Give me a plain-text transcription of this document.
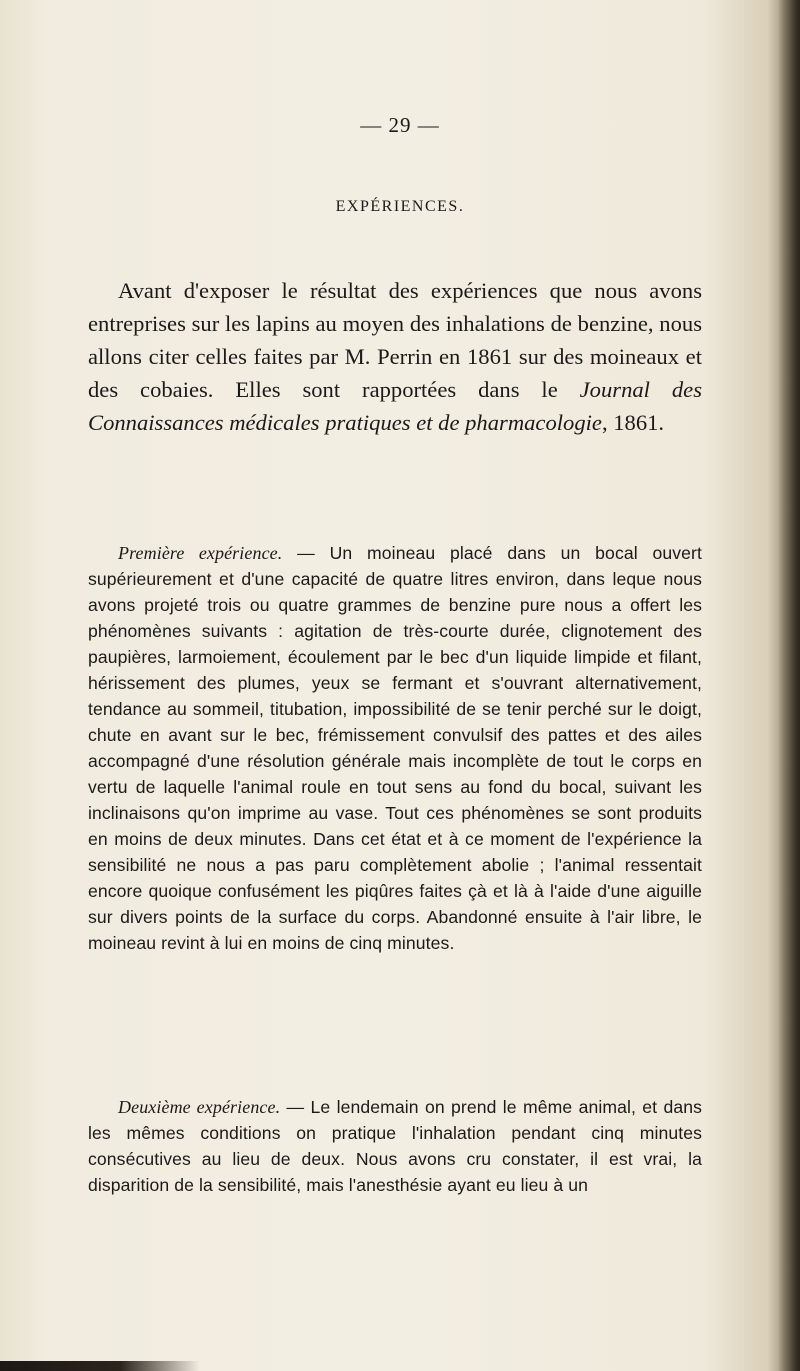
— 29 —
EXPÉRIENCES.

Avant d'exposer le résultat des expériences que nous avons entreprises sur les lapins au moyen des inhalations de benzine, nous allons citer celles faites par M. Perrin en 1861 sur des moineaux et des cobaies. Elles sont rapportées dans le Journal des Connaissances médicales pratiques et de pharmacologie, 1861.

Première expérience. — Un moineau placé dans un bocal ouvert supérieurement et d'une capacité de quatre litres environ, dans leque nous avons projeté trois ou quatre grammes de benzine pure nous a offert les phénomènes suivants : agitation de très-courte durée, clignotement des paupières, larmoiement, écoulement par le bec d'un liquide limpide et filant, hérissement des plumes, yeux se fermant et s'ouvrant alternativement, tendance au sommeil, titubation, impossibilité de se tenir perché sur le doigt, chute en avant sur le bec, frémissement convulsif des pattes et des ailes accompagné d'une résolution générale mais incomplète de tout le corps en vertu de laquelle l'animal roule en tout sens au fond du bocal, suivant les inclinaisons qu'on imprime au vase. Tout ces phénomènes se sont produits en moins de deux minutes. Dans cet état et à ce moment de l'expérience la sensibilité ne nous a pas paru complètement abolie ; l'animal ressentait encore quoique confusément les piqûres faites çà et là à l'aide d'une aiguille sur divers points de la surface du corps. Abandonné ensuite à l'air libre, le moineau revint à lui en moins de cinq minutes.

Deuxième expérience. — Le lendemain on prend le même animal, et dans les mêmes conditions on pratique l'inhalation pendant cinq minutes consécutives au lieu de deux. Nous avons cru constater, il est vrai, la disparition de la sensibilité, mais l'anesthésie ayant eu lieu à un
